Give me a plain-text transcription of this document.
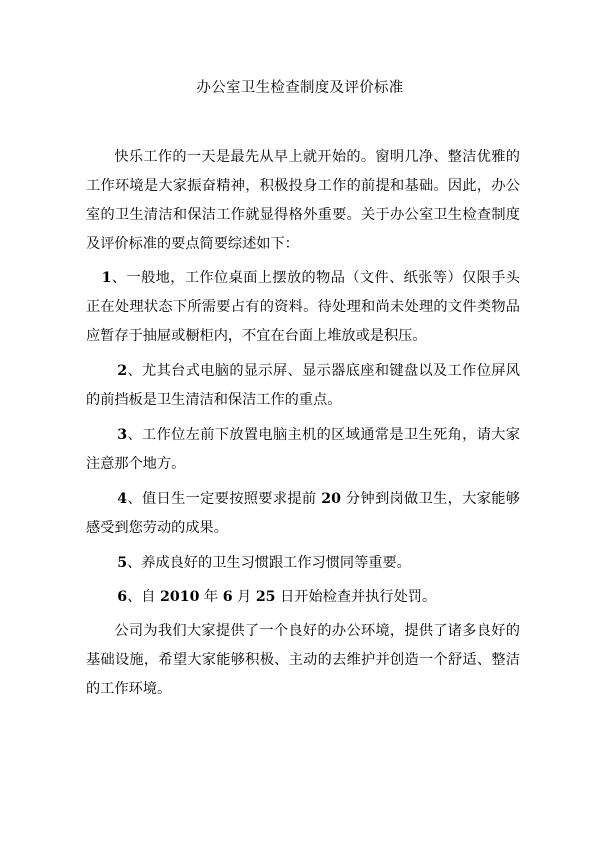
办公室卫生检查制度及评价标准

快乐工作的一天是最先从早上就开始的。窗明几净、整洁优雅的工作环境是大家振奋精神，积极投身工作的前提和基础。因此，办公室的卫生清洁和保洁工作就显得格外重要。关于办公室卫生检查制度及评价标准的要点简要综述如下：

1、一般地，工作位桌面上摆放的物品（文件、纸张等）仅限手头正在处理状态下所需要占有的资料。待处理和尚未处理的文件类物品应暂存于抽屉或橱柜内，不宜在台面上堆放或是积压。

2、尤其台式电脑的显示屏、显示器底座和键盘以及工作位屏风的前挡板是卫生清洁和保洁工作的重点。

3、工作位左前下放置电脑主机的区域通常是卫生死角，请大家注意那个地方。

4、值日生一定要按照要求提前 20 分钟到岗做卫生，大家能够感受到您劳动的成果。

5、养成良好的卫生习惯跟工作习惯同等重要。

6、自 2010 年 6 月 25 日开始检查并执行处罚。

公司为我们大家提供了一个良好的办公环境，提供了诸多良好的基础设施，希望大家能够积极、主动的去维护并创造一个舒适、整洁的工作环境。
